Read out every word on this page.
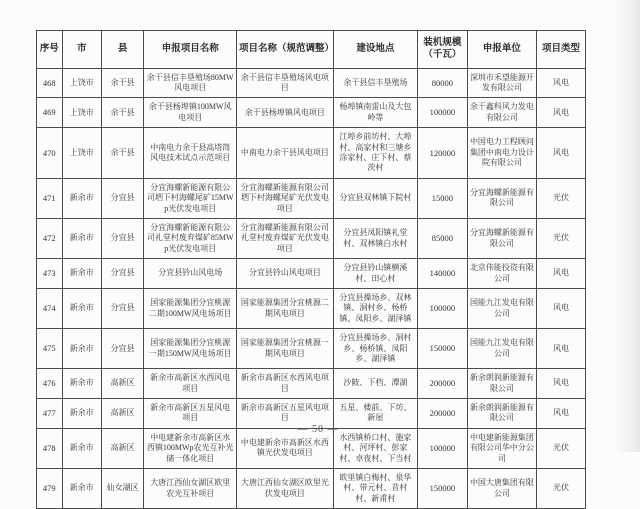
序号	市	县	申报项目名称	项目名称（规范调整）	建设地点	装机规模（千瓦）	申报单位	项目类型
468	上饶市	余干县	余干县信丰垦殖场80MW风电项目	余干县信丰垦殖场风电项目	余干县信丰垦殖场	80000	深圳市禾望能源开发有限公司	风电
469	上饶市	余干县	余干县杨埠镇100MW风电项目	余干县杨埠镇风电项目	杨埠镇南雷山及大包岭等	100000	余干鑫科风力发电有限公司	风电
470	上饶市	余干县	中南电力余干县高塔筒风电技术试点示范项目	中南电力余干县风电项目	江埠乡前坊村、大埠村、高家村和三塘乡涂家村、庄下村、蔡茨村	120000	中国电力工程顾问集团中南电力设计院有限公司	风电
471	新余市	分宜县	分宜海螺新能源有限公司垇下村海螺尾矿15MWp光伏发电项目	分宜海螺新能源有限公司垇下村海螺尾矿光伏发电项目	分宜县双林镇下院村	15000	分宜海螺新能源有限公司	光伏
472	新余市	分宜县	分宜海螺新能源有限公司礼堂村废弃煤矿85MWp光伏发电项目	分宜海螺新能源有限公司礼堂村废弃煤矿光伏发电项目	分宜县凤阳镇礼堂村、双林镇白水村	85000	分宜海螺新能源有限公司	光伏
473	新余市	分宜县	分宜县钤山风电场	分宜县钤山风电项目	分宜县钤山镇横溪村、田心村	140000	北京伟能投资有限公司	风电
474	新余市	分宜县	国家能源集团分宜桃源二期100MW风电场项目	国家能源集团分宜桃源二期风电项目	分宜县操场乡、双林镇、洞村乡、杨桥镇、凤阳乡、湖泽镇	100000	国能九江发电有限公司	风电
475	新余市	分宜县	国家能源集团分宜桃源一期150MW风电场项目	国家能源集团分宜桃源一期风电项目	分宜县操场乡、洞村乡、杨桥镇、凤阳乡、湖泽镇	150000	国能九江发电有限公司	风电
476	新余市	高新区	新余市高新区水西风电项目	新余市高新区水西风电项目	沙陂、下档、潭湖	200000	新余朗润新能源有限公司	风电
477	新余市	高新区	新余市高新区五星风电项目	新余市高新区五星风电项目	五星、楼前、下坊、新屋	200000	新余朗润新能源有限公司	风电
478	新余市	高新区	中电建新余市高新区水西镇100MWp农光互补光储一体化项目	中电建新余市高新区水西镇光伏发电项目	水西镇桥口村、施家村、河坪村、彭家村、卓夜村、下当村	100000	中电建新能源集团有限公司华中分公司	光伏
479	新余市	仙女湖区	大唐江西仙女湖区欧里农光互补项目	大唐江西仙女湖区欧里光伏发电项目	欧里镇白梅村、泉华村、带元村、昔村村、新甫村	150000	中国大唐集团有限公司	光伏
— 50 —
